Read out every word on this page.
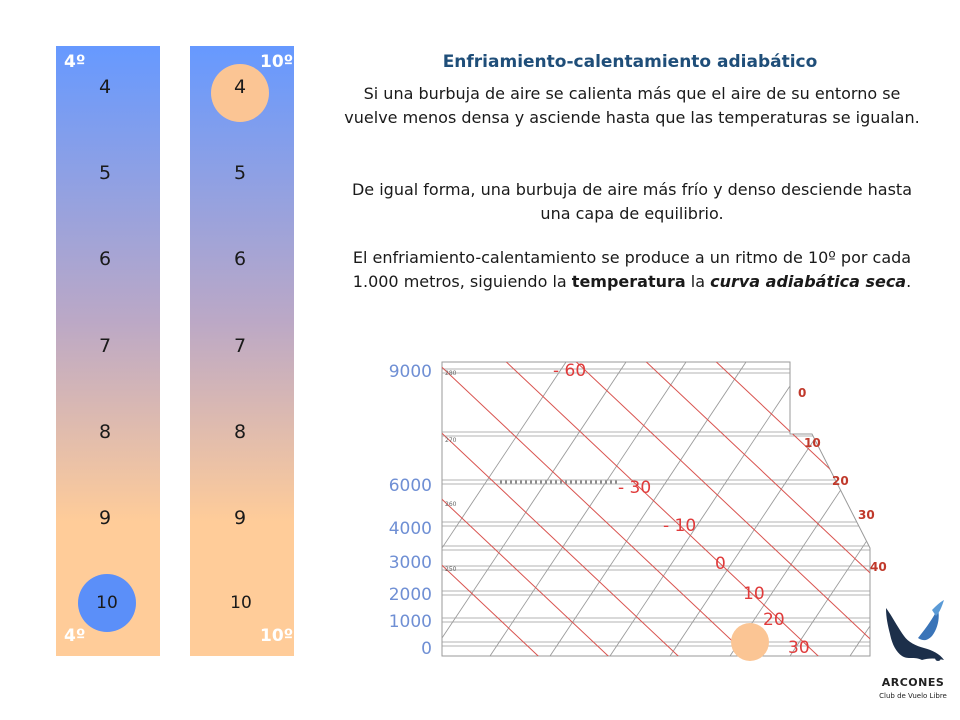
4º
4º
4
5
6
7
8
9
10
10º
10º
4
5
6
7
8
9
10
Enfriamiento-calentamiento adiabático
Si una burbuja de aire se calienta más que el aire de su entorno se vuelve menos densa y asciende hasta que las temperaturas se igualan.
De igual forma, una burbuja de aire más frío y denso desciende hasta una capa de equilibrio.
El enfriamiento-calentamiento se produce a un ritmo de 10º por cada 1.000 metros, siguiendo la temperatura la curva adiabática seca.
280
270
260
250
9000
6000
4000
3000
2000
1000
0
0
10
20
30
40
- 60
- 30
- 10
0
10
20
30
ARCONES
Club de Vuelo Libre
